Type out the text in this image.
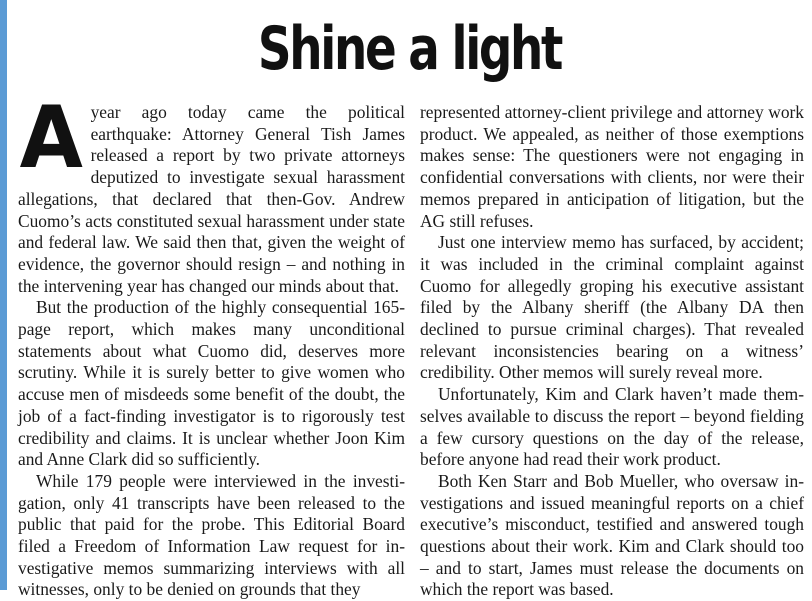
Shine a light

Ayear ago today came the political earthquake: Attorney General Tish James released a report by two private attorneys deputized to investigate sexual harassment allegations, that declared that then-Gov. Andrew Cuomo’s acts constituted sexual harassment under state and federal law. We said then that, given the weight of evidence, the governor should resign – and nothing in the intervening year has changed our minds about that.

But the production of the highly consequential 165-page report, which makes many unconditional statements about what Cuomo did, deserves more scrutiny. While it is surely better to give women who accuse men of misdeeds some benefit of the doubt, the job of a fact-finding investigator is to rigorously test credibility and claims. It is unclear whether Joon Kim and Anne Clark did so sufficiently.

While 179 people were interviewed in the investigation, only 41 transcripts have been released to the public that paid for the probe. This Editorial Board filed a Freedom of Information Law request for investigative memos summarizing interviews with all witnesses, only to be denied on grounds that they

represented attorney-client privilege and attorney work product. We appealed, as neither of those exemptions makes sense: The questioners were not engaging in confidential conversations with clients, nor were their memos prepared in anticipation of litigation, but the AG still refuses.

Just one interview memo has surfaced, by accident; it was included in the criminal complaint against Cuomo for allegedly groping his executive assistant filed by the Albany sheriff (the Albany DA then declined to pursue criminal charges). That revealed relevant inconsistencies bearing on a witness’ credibility. Other memos will surely reveal more.

Unfortunately, Kim and Clark haven’t made themselves available to discuss the report – beyond fielding a few cursory questions on the day of the release, before anyone had read their work product.

Both Ken Starr and Bob Mueller, who oversaw investigations and issued meaningful reports on a chief executive’s misconduct, testified and answered tough questions about their work. Kim and Clark should too – and to start, James must release the documents on which the report was based.
